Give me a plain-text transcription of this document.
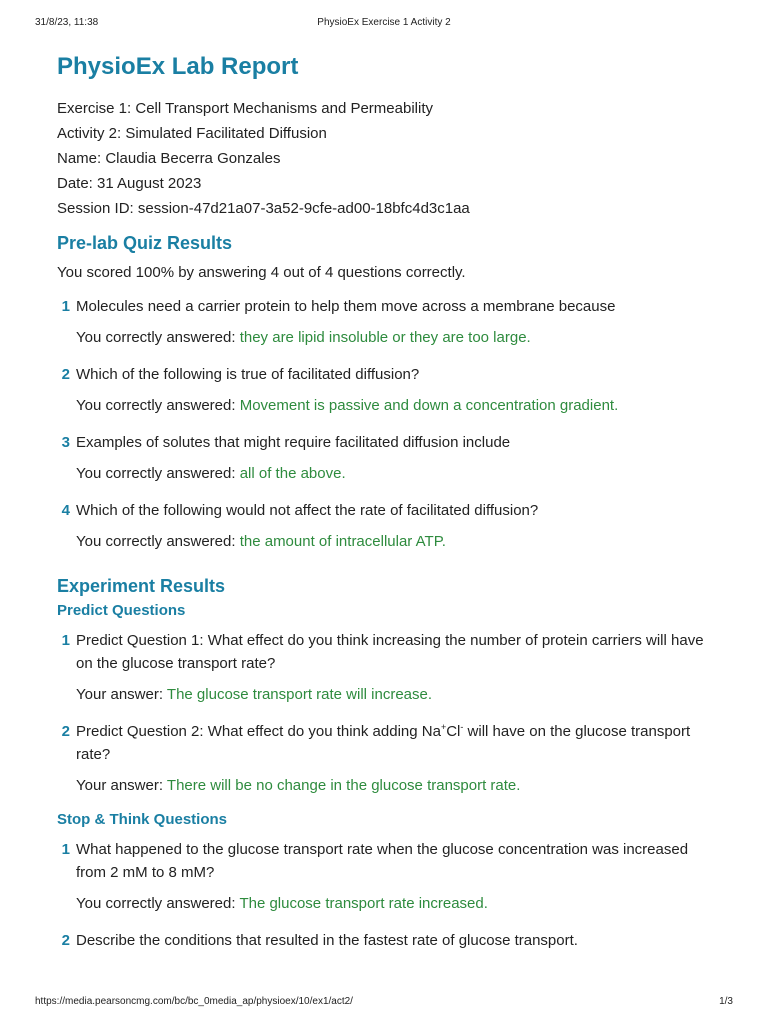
31/8/23, 11:38	PhysioEx Exercise 1 Activity 2
PhysioEx Lab Report
Exercise 1: Cell Transport Mechanisms and Permeability
Activity 2: Simulated Facilitated Diffusion
Name: Claudia Becerra Gonzales
Date: 31 August 2023
Session ID: session-47d21a07-3a52-9cfe-ad00-18bfc4d3c1aa
Pre-lab Quiz Results
You scored 100% by answering 4 out of 4 questions correctly.
1 Molecules need a carrier protein to help them move across a membrane because
You correctly answered: they are lipid insoluble or they are too large.
2 Which of the following is true of facilitated diffusion?
You correctly answered: Movement is passive and down a concentration gradient.
3 Examples of solutes that might require facilitated diffusion include
You correctly answered: all of the above.
4 Which of the following would not affect the rate of facilitated diffusion?
You correctly answered: the amount of intracellular ATP.
Experiment Results
Predict Questions
1 Predict Question 1: What effect do you think increasing the number of protein carriers will have on the glucose transport rate?
Your answer: The glucose transport rate will increase.
2 Predict Question 2: What effect do you think adding Na+Cl- will have on the glucose transport rate?
Your answer: There will be no change in the glucose transport rate.
Stop & Think Questions
1 What happened to the glucose transport rate when the glucose concentration was increased from 2 mM to 8 mM?
You correctly answered: The glucose transport rate increased.
2 Describe the conditions that resulted in the fastest rate of glucose transport.
https://media.pearsoncmg.com/bc/bc_0media_ap/physioex/10/ex1/act2/	1/3
